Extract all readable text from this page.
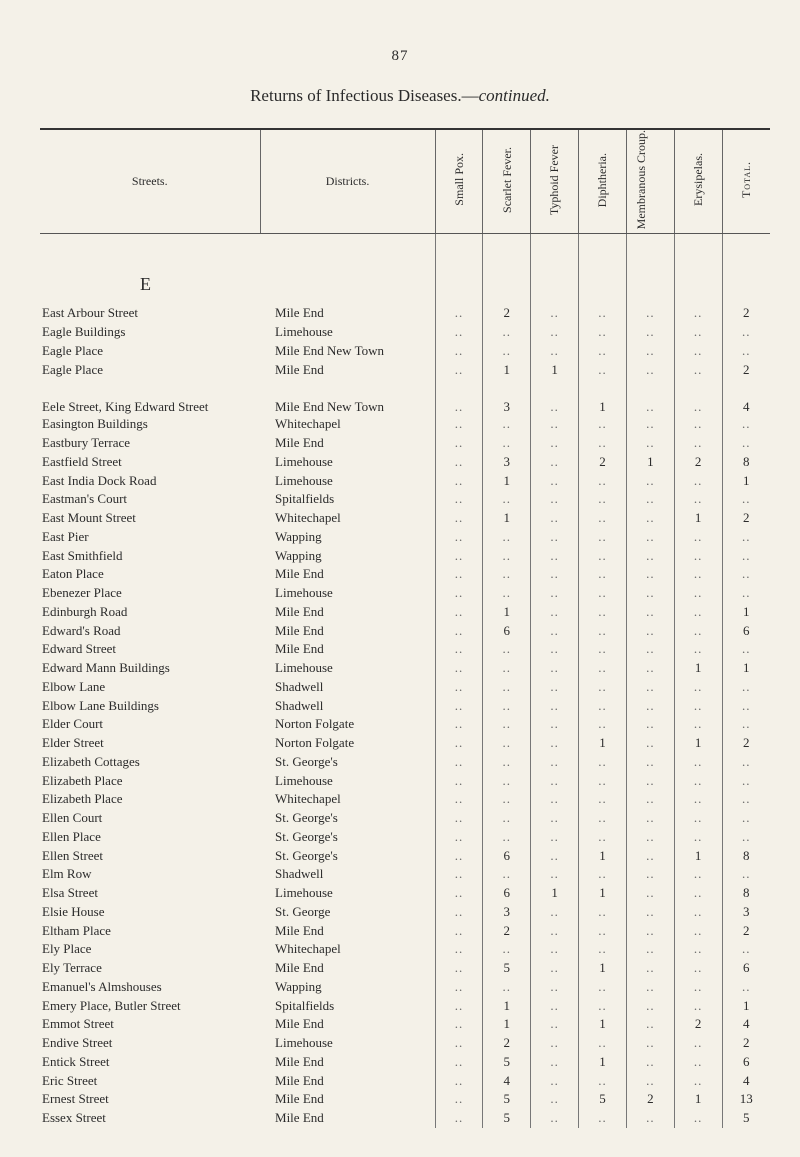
87
Returns of Infectious Diseases.—continued.
Streets.	Districts.	Small Pox.	Scarlet Fever.	Typhoid Fever	Diphtheria.	Membranous Croup.	Erysipelas.	Total.

E								

East Arbour Street	Mile End	..	2	..	..	..	..	2

Eagle Buildings	Limehouse	..	..	..	..	..	..	..

Eagle Place	Mile End New Town	..	..	..	..	..	..	..

Eagle Place	Mile End	..	1	1	..	..	..	2

Eele Street, King Edward Street	Mile End New Town	..	3	..	1	..	..	4

Easington Buildings	Whitechapel	..	..	..	..	..	..	..

Eastbury Terrace	Mile End	..	..	..	..	..	..	..

Eastfield Street	Limehouse	..	3	..	2	1	2	8

East India Dock Road	Limehouse	..	1	..	..	..	..	1

Eastman's Court	Spitalfields	..	..	..	..	..	..	..

East Mount Street	Whitechapel	..	1	..	..	..	1	2

East Pier	Wapping	..	..	..	..	..	..	..

East Smithfield	Wapping	..	..	..	..	..	..	..

Eaton Place	Mile End	..	..	..	..	..	..	..

Ebenezer Place	Limehouse	..	..	..	..	..	..	..

Edinburgh Road	Mile End	..	1	..	..	..	..	1

Edward's Road	Mile End	..	6	..	..	..	..	6

Edward Street	Mile End	..	..	..	..	..	..	..

Edward Mann Buildings	Limehouse	..	..	..	..	..	1	1

Elbow Lane	Shadwell	..	..	..	..	..	..	..

Elbow Lane Buildings	Shadwell	..	..	..	..	..	..	..

Elder Court	Norton Folgate	..	..	..	..	..	..	..

Elder Street	Norton Folgate	..	..	..	1	..	1	2

Elizabeth Cottages	St. George's	..	..	..	..	..	..	..

Elizabeth Place	Limehouse	..	..	..	..	..	..	..

Elizabeth Place	Whitechapel	..	..	..	..	..	..	..

Ellen Court	St. George's	..	..	..	..	..	..	..

Ellen Place	St. George's	..	..	..	..	..	..	..

Ellen Street	St. George's	..	6	..	1	..	1	8

Elm Row	Shadwell	..	..	..	..	..	..	..

Elsa Street	Limehouse	..	6	1	1	..	..	8

Elsie House	St. George	..	3	..	..	..	..	3

Eltham Place	Mile End	..	2	..	..	..	..	2

Ely Place	Whitechapel	..	..	..	..	..	..	..

Ely Terrace	Mile End	..	5	..	1	..	..	6

Emanuel's Almshouses	Wapping	..	..	..	..	..	..	..

Emery Place, Butler Street	Spitalfields	..	1	..	..	..	..	1

Emmot Street	Mile End	..	1	..	1	..	2	4

Endive Street	Limehouse	..	2	..	..	..	..	2

Entick Street	Mile End	..	5	..	1	..	..	6

Eric Street	Mile End	..	4	..	..	..	..	4

Ernest Street	Mile End	..	5	..	5	2	1	13

Essex Street	Mile End	..	5	..	..	..	..	5
